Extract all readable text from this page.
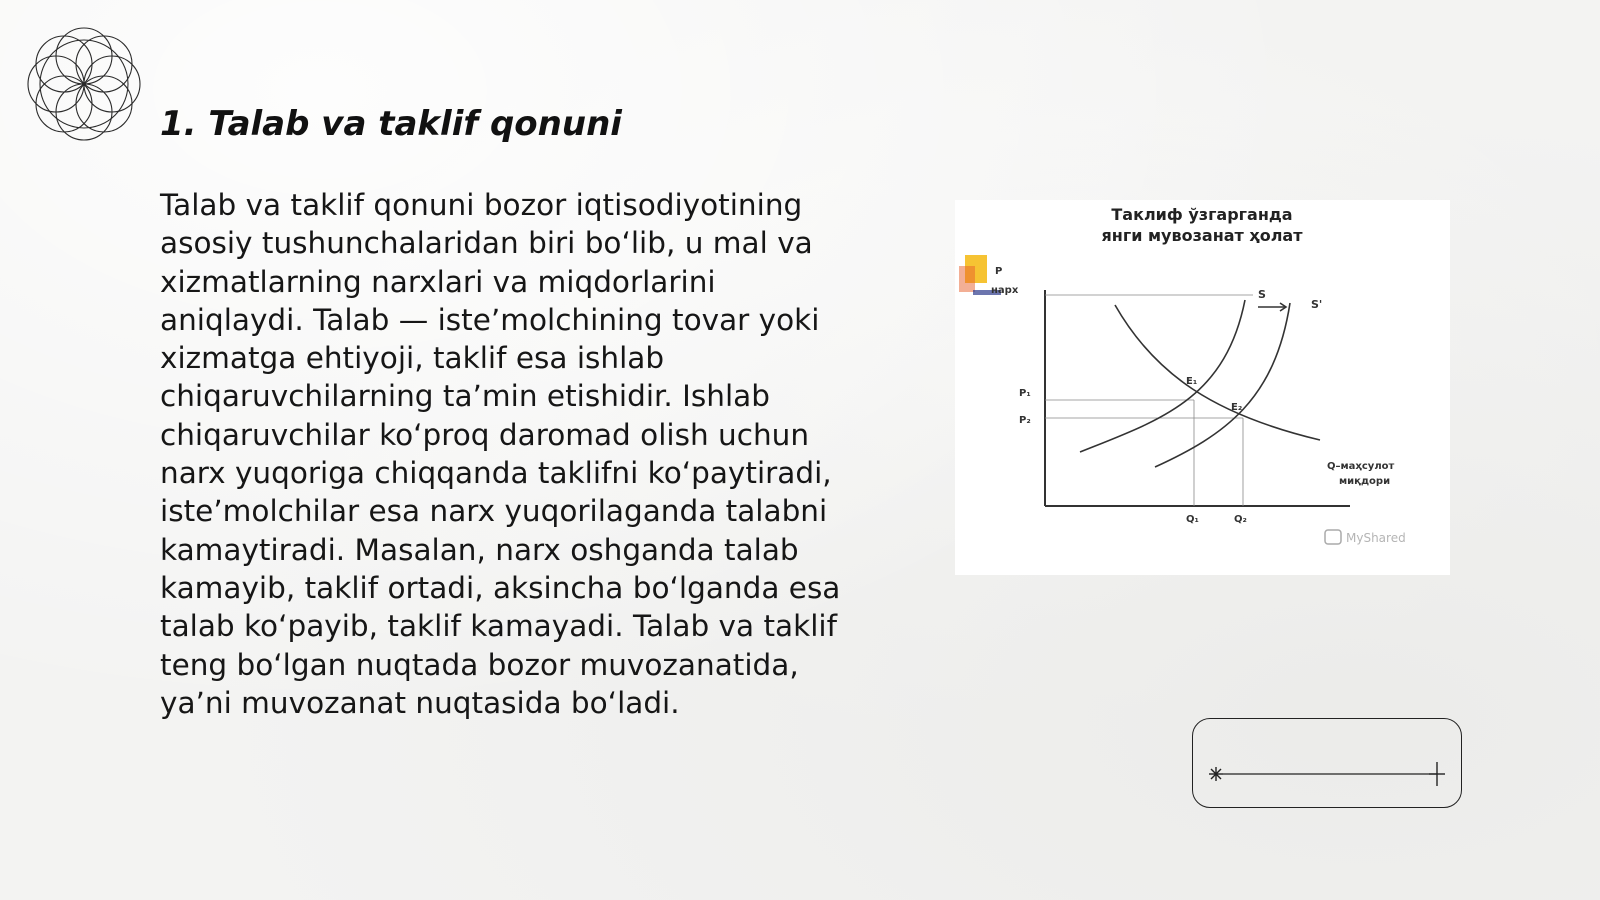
1. Talab va taklif qonuni

Talab va taklif qonuni bozor iqtisodiyotining asosiy tushunchalaridan biri bo‘lib, u mal va xizmatlarning narxlari va miqdorlarini aniqlaydi. Talab — iste’molchining tovar yoki xizmatga ehtiyoji, taklif esa ishlab chiqaruvchilarning ta’min etishidir. Ishlab chiqaruvchilar ko‘proq daromad olish uchun narx yuqoriga chiqqanda taklifni ko‘paytiradi, iste’molchilar esa narx yuqorilaganda talabni kamaytiradi. Masalan, narx oshganda talab kamayib, taklif ortadi, aksincha bo‘lganda esa talab ko‘payib, taklif kamayadi. Talab va taklif teng bo‘lgan nuqtada bozor muvozanatida, ya’ni muvozanat nuqtasida bo‘ladi.

Таклиф ўзгарганда
янги мувозанат ҳолат
P
нарх	S
S'
E₁
E₂
P₁
P₂
Q₁	Q₂
Q–маҳсулот
миқдори
MyShared
